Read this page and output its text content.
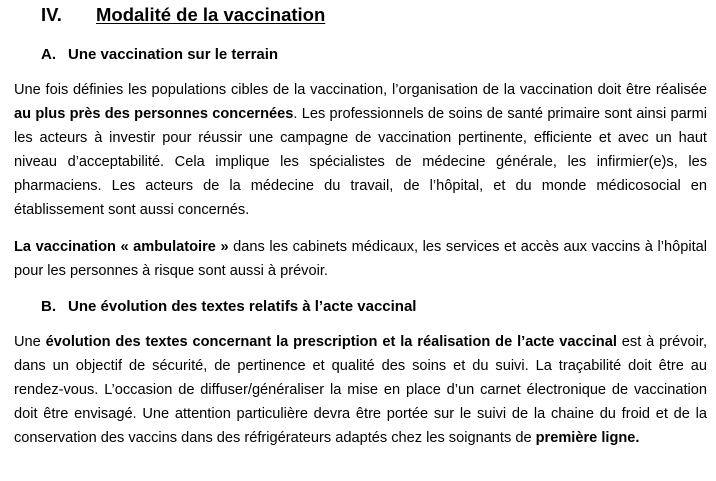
IV. Modalité de la vaccination
A. Une vaccination sur le terrain

Une fois définies les populations cibles de la vaccination, l’organisation de la vaccination doit être réalisée au plus près des personnes concernées. Les professionnels de soins de santé primaire sont ainsi parmi les acteurs à investir pour réussir une campagne de vaccination pertinente, efficiente et avec un haut niveau d’acceptabilité. Cela implique les spécialistes de médecine générale, les infirmier(e)s, les pharmaciens. Les acteurs de la médecine du travail, de l’hôpital, et du monde médicosocial en établissement sont aussi concernés.

La vaccination « ambulatoire » dans les cabinets médicaux, les services et accès aux vaccins à l’hôpital pour les personnes à risque sont aussi à prévoir.

B. Une évolution des textes relatifs à l’acte vaccinal

Une évolution des textes concernant la prescription et la réalisation de l’acte vaccinal est à prévoir, dans un objectif de sécurité, de pertinence et qualité des soins et du suivi. La traçabilité doit être au rendez-vous. L’occasion de diffuser/généraliser la mise en place d’un carnet électronique de vaccination doit être envisagé. Une attention particulière devra être portée sur le suivi de la chaine du froid et de la conservation des vaccins dans des réfrigérateurs adaptés chez les soignants de première ligne.
